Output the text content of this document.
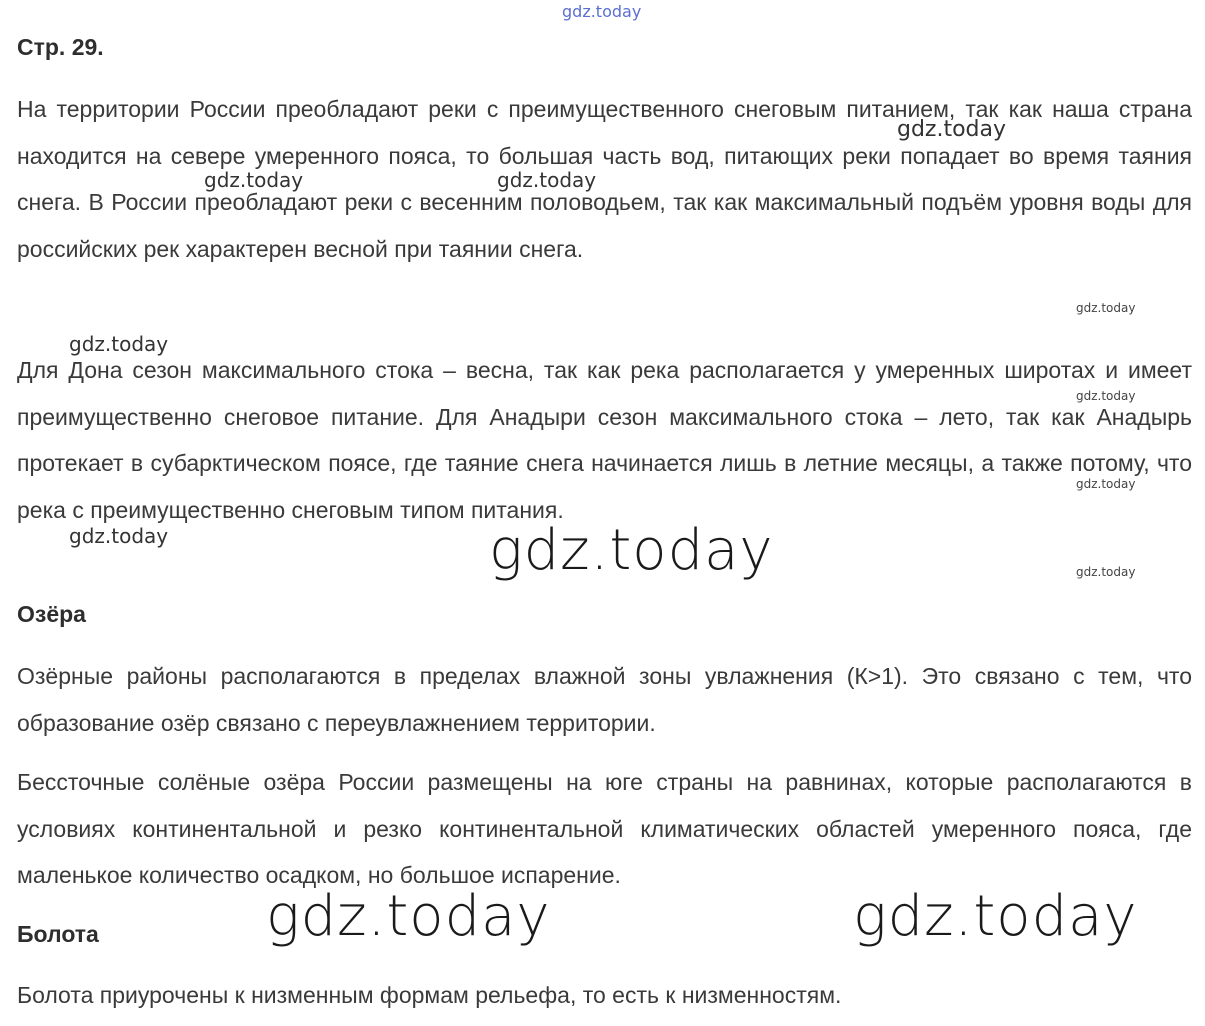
gdz.today
Стр. 29.

На территории России преобладают реки с преимущественного снеговым питанием, так как наша страна находится на севере умеренного пояса, то большая часть вод, питающих реки попадает во время таяния снега. В России преобладают реки с весенним половодьем, так как максимальный подъём уровня воды для российских рек характерен весной при таянии снега.

Для Дона сезон максимального стока – весна, так как река располагается у умеренных широтах и имеет преимущественно снеговое питание. Для Анадыри сезон максимального стока – лето, так как Анадырь протекает в субарктическом поясе, где таяние снега начинается лишь в летние месяцы, а также потому, что река с преимущественно снеговым типом питания.

Озёра

Озёрные районы располагаются в пределах влажной зоны увлажнения (К>1). Это связано с тем, что образование озёр связано с переувлажнением территории.

Бессточные солёные озёра России размещены на юге страны на равнинах, которые располагаются в условиях континентальной и резко континентальной климатических областей умеренного пояса, где маленькое количество осадком, но большое испарение.

Болота

Болота приурочены к низменным формам рельефа, то есть к низменностям.

gdz.today
gdz.today	gdz.today
gdz.today
gdz.today
gdz.today
gdz.today
gdz.today
gdz.today
gdz.today
gdz.today	gdz.today
